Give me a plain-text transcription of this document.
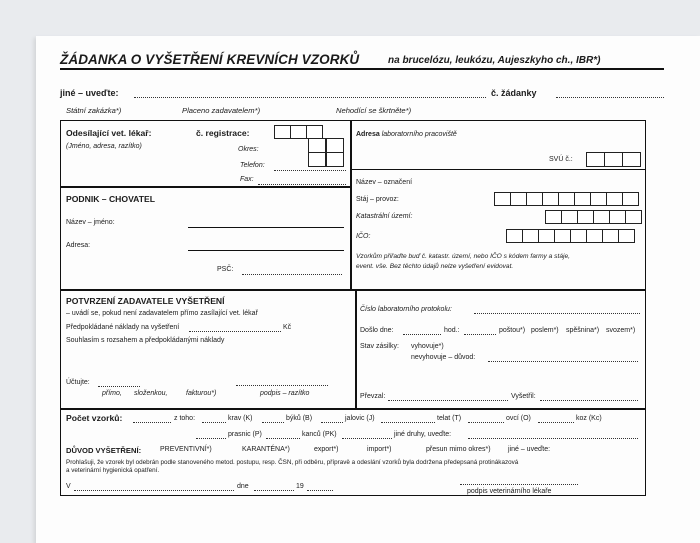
ŽÁDANKA O VYŠETŘENÍ KREVNÍCH VZORKŮ	na brucelózu, leukózu, Aujeszkyho ch., IBR*)
jiné – uveďte:	č. žádanky
Státní zakázka*)	Placeno zadavatelem*)	Nehodící se škrtněte*)
Odesílající vet. lékař:
(Jméno, adresa, razítko)
č. registrace:
Okres:
Telefon:
Fax:
PODNIK – CHOVATEL
Název – jméno:
Adresa:
PSČ:
Adresa laboratorního pracoviště
SVÚ č.:
Název – označení
Stáj – provoz:
Katastrální území:
IČO:
Vzorkům přiřaďte buď č. katastr. území, nebo IČO s kódem farmy a stáje,
event. vše. Bez těchto údajů nelze vyšetření evidovat.
POTVRZENÍ ZADAVATELE VYŠETŘENÍ
– uvádí se, pokud není zadavatelem přímo zasílající vet. lékař
Předpokládané náklady na vyšetření	Kč
Souhlasím s rozsahem a předpokládanými náklady
Účtujte:
přímo, složenkou,	fakturou*)	podpis – razítko
Číslo laboratorního protokolu:
Došlo dne:	hod.:	poštou*) poslem*) spěšnina*) svozem*)
Stav zásilky: vyhovuje*)
nevyhovuje – důvod:
Převzal:	Vyšetřil:
Počet vzorků:	z toho:	krav (K)	býků (B)	jalovic (J)	telat (T)	ovcí (O)	koz (Kc)
prasnic (P)	kanců (PK)	jiné druhy, uveďte:
DŮVOD VYŠETŘENÍ:	PREVENTIVNÍ*)	KARANTÉNA*)	export*)	import*)	přesun mimo okres*) jiné – uveďte:
Prohlašuji, že vzorek byl odebrán podle stanoveného metod. postupu, resp. ČSN, při odběru, přípravě a odeslání vzorků byla dodržena předepsaná protinákazová
a veterinární hygienická opatření.
V	dne	19
podpis veterinárního lékaře
